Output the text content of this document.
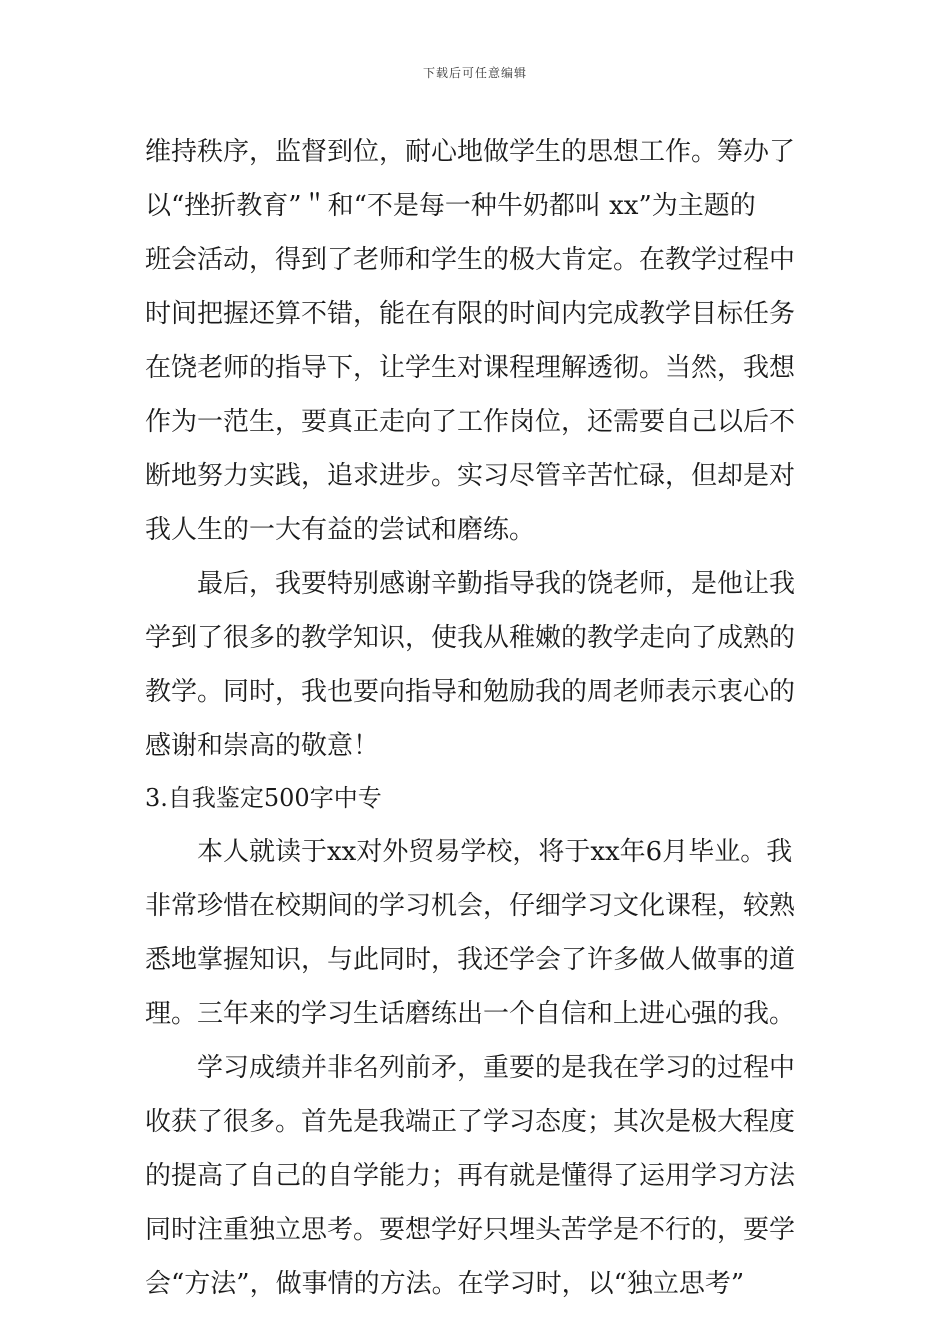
下载后可任意编辑
维持秩序，监督到位，耐心地做学生的思想工作。筹办了
以“挫折教育”＂和“不是每一种牛奶都叫 xx”为主题的
班会活动，得到了老师和学生的极大肯定。在教学过程中
时间把握还算不错，能在有限的时间内完成教学目标任务
在饶老师的指导下，让学生对课程理解透彻。当然，我想
作为一范生，要真正走向了工作岗位，还需要自己以后不
断地努力实践，追求进步。实习尽管辛苦忙碌，但却是对
我人生的一大有益的尝试和磨练。
最后，我要特别感谢辛勤指导我的饶老师，是他让我
学到了很多的教学知识，使我从稚嫩的教学走向了成熟的
教学。同时，我也要向指导和勉励我的周老师表示衷心的
感谢和崇高的敬意！
3.自我鉴定500字中专
本人就读于xx对外贸易学校，将于xx年6月毕业。我
非常珍惜在校期间的学习机会，仔细学习文化课程，较熟
悉地掌握知识，与此同时，我还学会了许多做人做事的道
理。三年来的学习生话磨练出一个自信和上进心强的我。
学习成绩并非名列前矛，重要的是我在学习的过程中
收获了很多。首先是我端正了学习态度；其次是极大程度
的提高了自己的自学能力；再有就是懂得了运用学习方法
同时注重独立思考。要想学好只埋头苦学是不行的，要学
会“方法”，做事情的方法。在学习时，以“独立思考”
